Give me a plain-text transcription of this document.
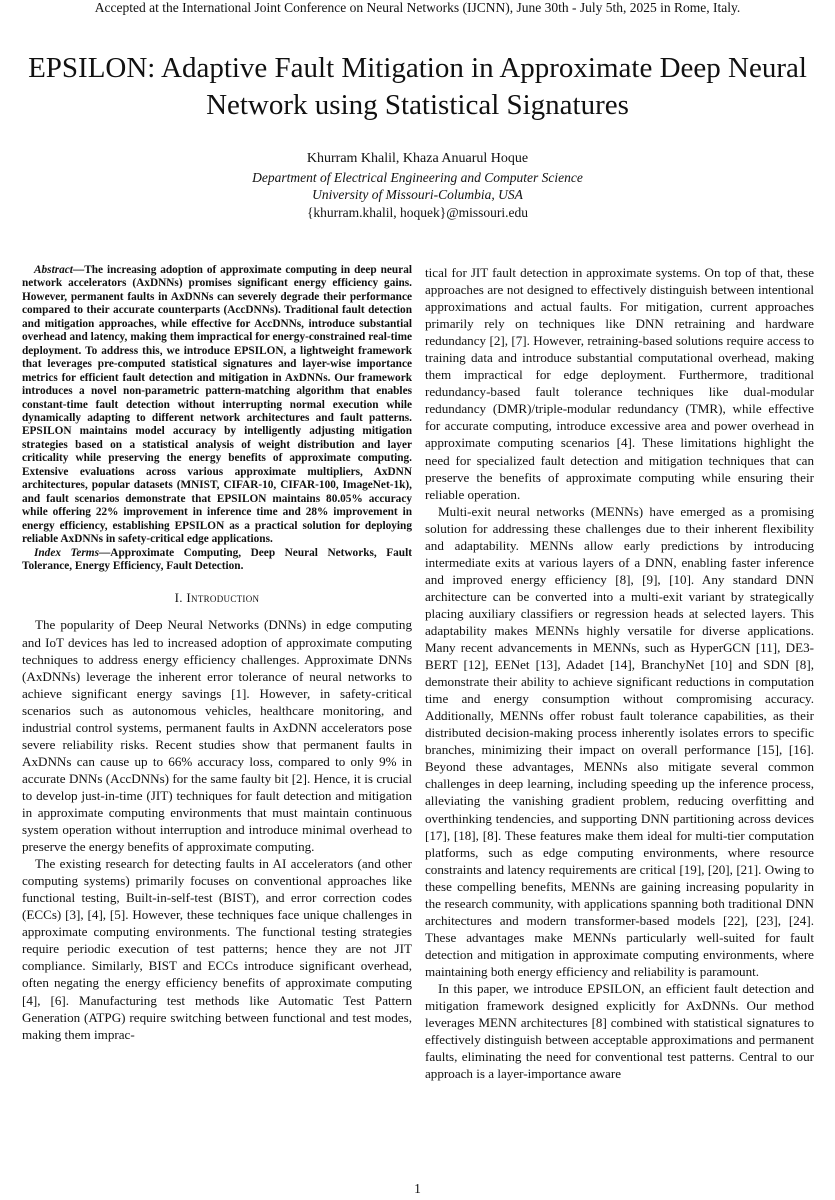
Accepted at the International Joint Conference on Neural Networks (IJCNN), June 30th - July 5th, 2025 in Rome, Italy.
EPSILON: Adaptive Fault Mitigation in Approximate Deep Neural Network using Statistical Signatures
Khurram Khalil, Khaza Anuarul Hoque
Department of Electrical Engineering and Computer Science
University of Missouri-Columbia, USA
{khurram.khalil, hoquek}@missouri.edu

Abstract—The increasing adoption of approximate computing in deep neural network accelerators (AxDNNs) promises significant energy efficiency gains. However, permanent faults in AxDNNs can severely degrade their performance compared to their accurate counterparts (AccDNNs). Traditional fault detection and mitigation approaches, while effective for AccDNNs, introduce substantial overhead and latency, making them impractical for energy-constrained real-time deployment. To address this, we introduce EPSILON, a lightweight framework that leverages pre-computed statistical signatures and layer-wise importance metrics for efficient fault detection and mitigation in AxDNNs. Our framework introduces a novel non-parametric pattern-matching algorithm that enables constant-time fault detection without interrupting normal execution while dynamically adapting to different network architectures and fault patterns. EPSILON maintains model accuracy by intelligently adjusting mitigation strategies based on a statistical analysis of weight distribution and layer criticality while preserving the energy benefits of approximate computing. Extensive evaluations across various approximate multipliers, AxDNN architectures, popular datasets (MNIST, CIFAR-10, CIFAR-100, ImageNet-1k), and fault scenarios demonstrate that EPSILON maintains 80.05% accuracy while offering 22% improvement in inference time and 28% improvement in energy efficiency, establishing EPSILON as a practical solution for deploying reliable AxDNNs in safety-critical edge applications.

Index Terms—Approximate Computing, Deep Neural Networks, Fault Tolerance, Energy Efficiency, Fault Detection.

I. Introduction

The popularity of Deep Neural Networks (DNNs) in edge computing and IoT devices has led to increased adoption of approximate computing techniques to address energy efficiency challenges. Approximate DNNs (AxDNNs) leverage the inherent error tolerance of neural networks to achieve significant energy savings [1]. However, in safety-critical scenarios such as autonomous vehicles, healthcare monitoring, and industrial control systems, permanent faults in AxDNN accelerators pose severe reliability risks. Recent studies show that permanent faults in AxDNNs can cause up to 66% accuracy loss, compared to only 9% in accurate DNNs (AccDNNs) for the same faulty bit [2]. Hence, it is crucial to develop just-in-time (JIT) techniques for fault detection and mitigation in approximate computing environments that must maintain continuous system operation without interruption and introduce minimal overhead to preserve the energy benefits of approximate computing.

The existing research for detecting faults in AI accelerators (and other computing systems) primarily focuses on conventional approaches like functional testing, Built-in-self-test (BIST), and error correction codes (ECCs) [3], [4], [5]. However, these techniques face unique challenges in approximate computing environments. The functional testing strategies require periodic execution of test patterns; hence they are not JIT compliance. Similarly, BIST and ECCs introduce significant overhead, often negating the energy efficiency benefits of approximate computing [4], [6]. Manufacturing test methods like Automatic Test Pattern Generation (ATPG) require switching between functional and test modes, making them imprac-

tical for JIT fault detection in approximate systems. On top of that, these approaches are not designed to effectively distinguish between intentional approximations and actual faults. For mitigation, current approaches primarily rely on techniques like DNN retraining and hardware redundancy [2], [7]. However, retraining-based solutions require access to training data and introduce substantial computational overhead, making them impractical for edge deployment. Furthermore, traditional redundancy-based fault tolerance techniques like dual-modular redundancy (DMR)/triple-modular redundancy (TMR), while effective for accurate computing, introduce excessive area and power overhead in approximate computing scenarios [4]. These limitations highlight the need for specialized fault detection and mitigation techniques that can preserve the benefits of approximate computing while ensuring their reliable operation.

Multi-exit neural networks (MENNs) have emerged as a promising solution for addressing these challenges due to their inherent flexibility and adaptability. MENNs allow early predictions by introducing intermediate exits at various layers of a DNN, enabling faster inference and improved energy efficiency [8], [9], [10]. Any standard DNN architecture can be converted into a multi-exit variant by strategically placing auxiliary classifiers or regression heads at selected layers. This adaptability makes MENNs highly versatile for diverse applications. Many recent advancements in MENNs, such as HyperGCN [11], DE3-BERT [12], EENet [13], Adadet [14], BranchyNet [10] and SDN [8], demonstrate their ability to achieve significant reductions in computation time and energy consumption without compromising accuracy. Additionally, MENNs offer robust fault tolerance capabilities, as their distributed decision-making process inherently isolates errors to specific branches, minimizing their impact on overall performance [15], [16]. Beyond these advantages, MENNs also mitigate several common challenges in deep learning, including speeding up the inference process, alleviating the vanishing gradient problem, reducing overfitting and overthinking tendencies, and supporting DNN partitioning across devices [17], [18], [8]. These features make them ideal for multi-tier computation platforms, such as edge computing environments, where resource constraints and latency requirements are critical [19], [20], [21]. Owing to these compelling benefits, MENNs are gaining increasing popularity in the research community, with applications spanning both traditional DNN architectures and modern transformer-based models [22], [23], [24]. These advantages make MENNs particularly well-suited for fault detection and mitigation in approximate computing environments, where maintaining both energy efficiency and reliability is paramount.

In this paper, we introduce EPSILON, an efficient fault detection and mitigation framework designed explicitly for AxDNNs. Our method leverages MENN architectures [8] combined with statistical signatures to effectively distinguish between acceptable approximations and permanent faults, eliminating the need for conventional test patterns. Central to our approach is a layer-importance aware

1
